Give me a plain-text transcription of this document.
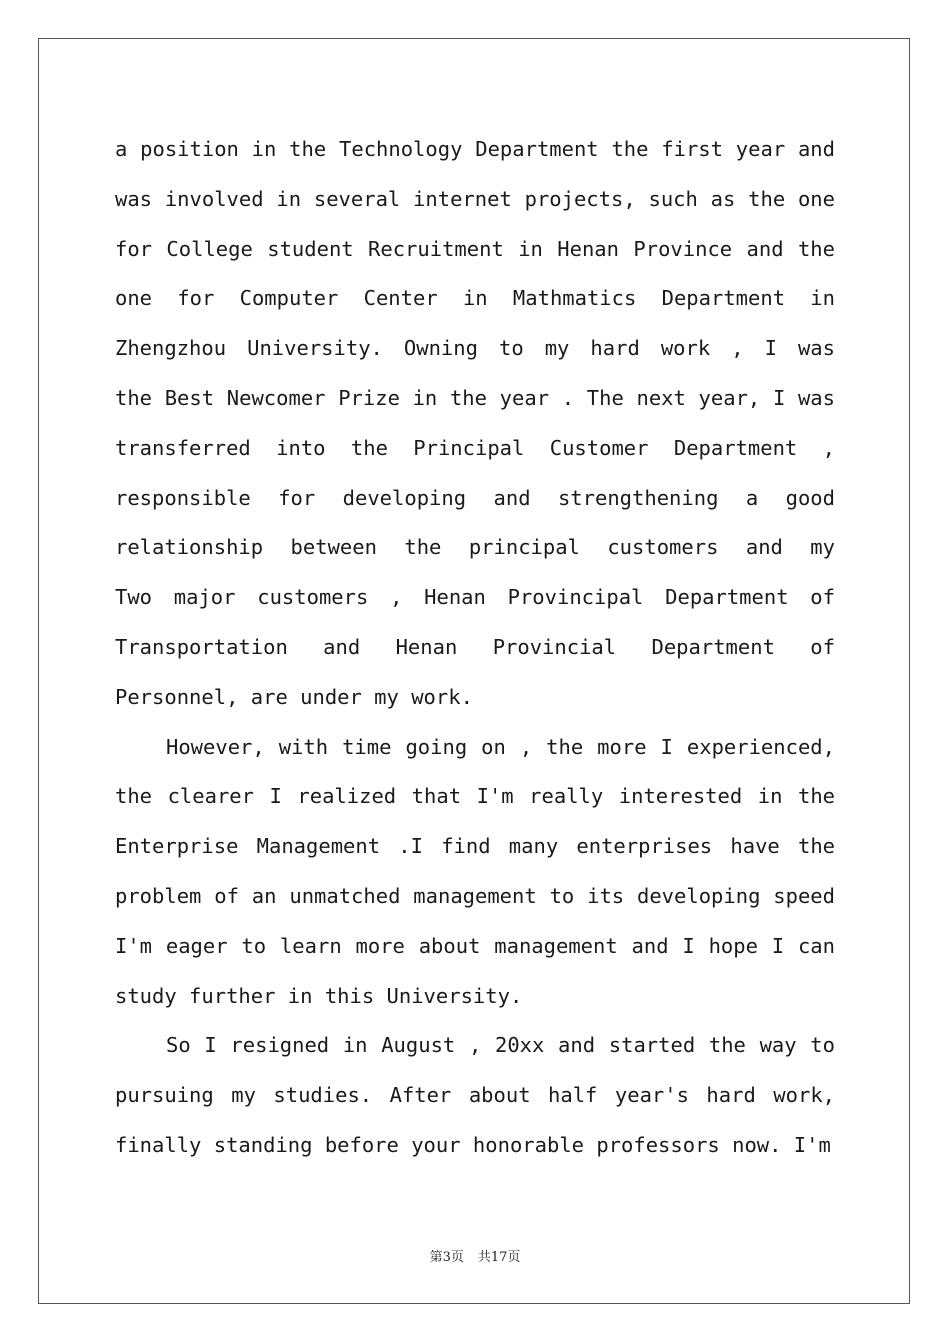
a position in the Technology Department the first year and
was involved in several internet projects, such as the one
for College student Recruitment in Henan Province and the
one for Computer Center in Mathmatics Department in
Zhengzhou University. Owning to my hard work , I was
the Best Newcomer Prize in the year . The next year, I was
transferred into the Principal Customer Department ,
responsible for developing and strengthening a good
relationship between the principal customers and my
Two major customers , Henan Provincipal Department of
Transportation and Henan Provincial Department of
Personnel, are under my work.
However, with time going on , the more I experienced,
the clearer I realized that I'm really interested in the
Enterprise Management .I find many enterprises have the
problem of an unmatched management to its developing speed
I'm eager to learn more about management and I hope I can
study further in this University.
So I resigned in August , 20xx and started the way to
pursuing my studies. After about half year's hard work,
finally standing before your honorable professors now. I'm
第3页 共17页
